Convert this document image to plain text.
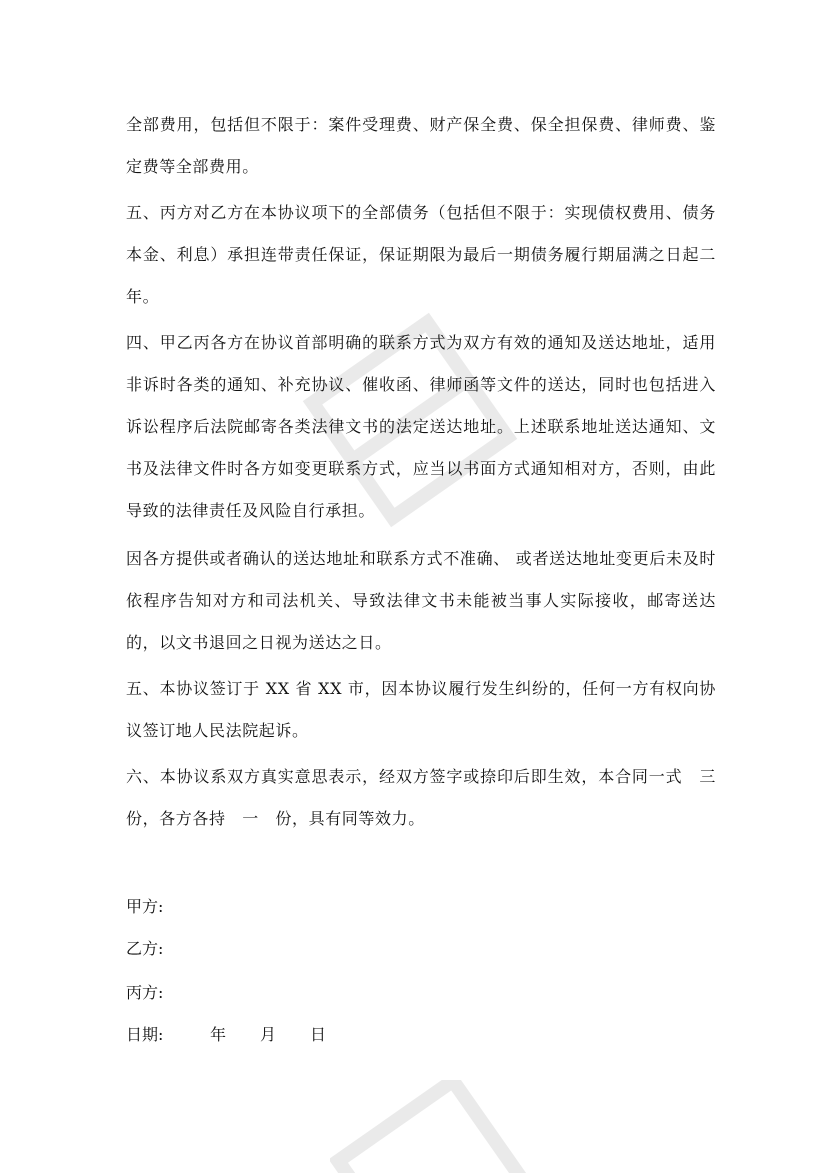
全部费用，包括但不限于：案件受理费、财产保全费、保全担保费、律师费、鉴定费等全部费用。

五、丙方对乙方在本协议项下的全部债务（包括但不限于：实现债权费用、债务本金、利息）承担连带责任保证，保证期限为最后一期债务履行期届满之日起二年。

四、甲乙丙各方在协议首部明确的联系方式为双方有效的通知及送达地址，适用非诉时各类的通知、补充协议、催收函、律师函等文件的送达，同时也包括进入诉讼程序后法院邮寄各类法律文书的法定送达地址。上述联系地址送达通知、文书及法律文件时各方如变更联系方式，应当以书面方式通知相对方，否则，由此导致的法律责任及风险自行承担。

因各方提供或者确认的送达地址和联系方式不准确、 或者送达地址变更后未及时依程序告知对方和司法机关、导致法律文书未能被当事人实际接收，邮寄送达的，以文书退回之日视为送达之日。

五、本协议签订于 XX 省 XX 市，因本协议履行发生纠纷的，任何一方有权向协议签订地人民法院起诉。

六、本协议系双方真实意思表示，经双方签字或捺印后即生效，本合同一式　三份，各方各持　一　份，具有同等效力。

甲方:

乙方:

丙方:

日期:	年 月 日
